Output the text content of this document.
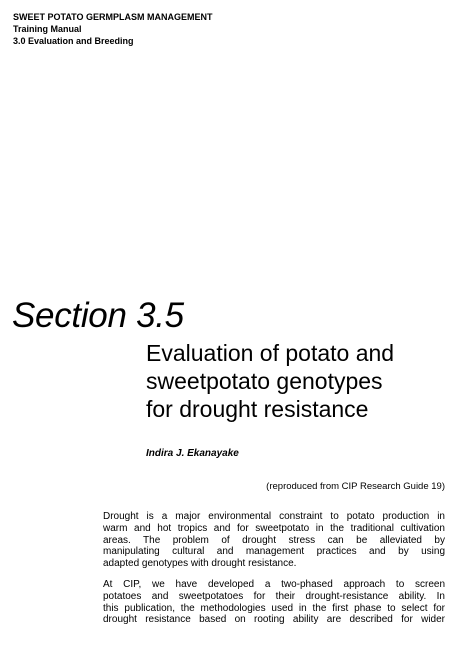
SWEET POTATO GERMPLASM MANAGEMENT
Training Manual
3.0 Evaluation and Breeding
Section 3.5
Evaluation of potato and
sweetpotato genotypes
for drought resistance
Indira J. Ekanayake
(reproduced from CIP Research Guide 19)

Drought is a major environmental constraint to potato production in
warm and hot tropics and for sweetpotato in the traditional cultivation
areas. The problem of drought stress can be alleviated by
manipulating cultural and management practices and by using
adapted genotypes with drought resistance.

At CIP, we have developed a two-phased approach to screen
potatoes and sweetpotatoes for their drought-resistance ability. In
this publication, the methodologies used in the first phase to select for
drought resistance based on rooting ability are described for wider
